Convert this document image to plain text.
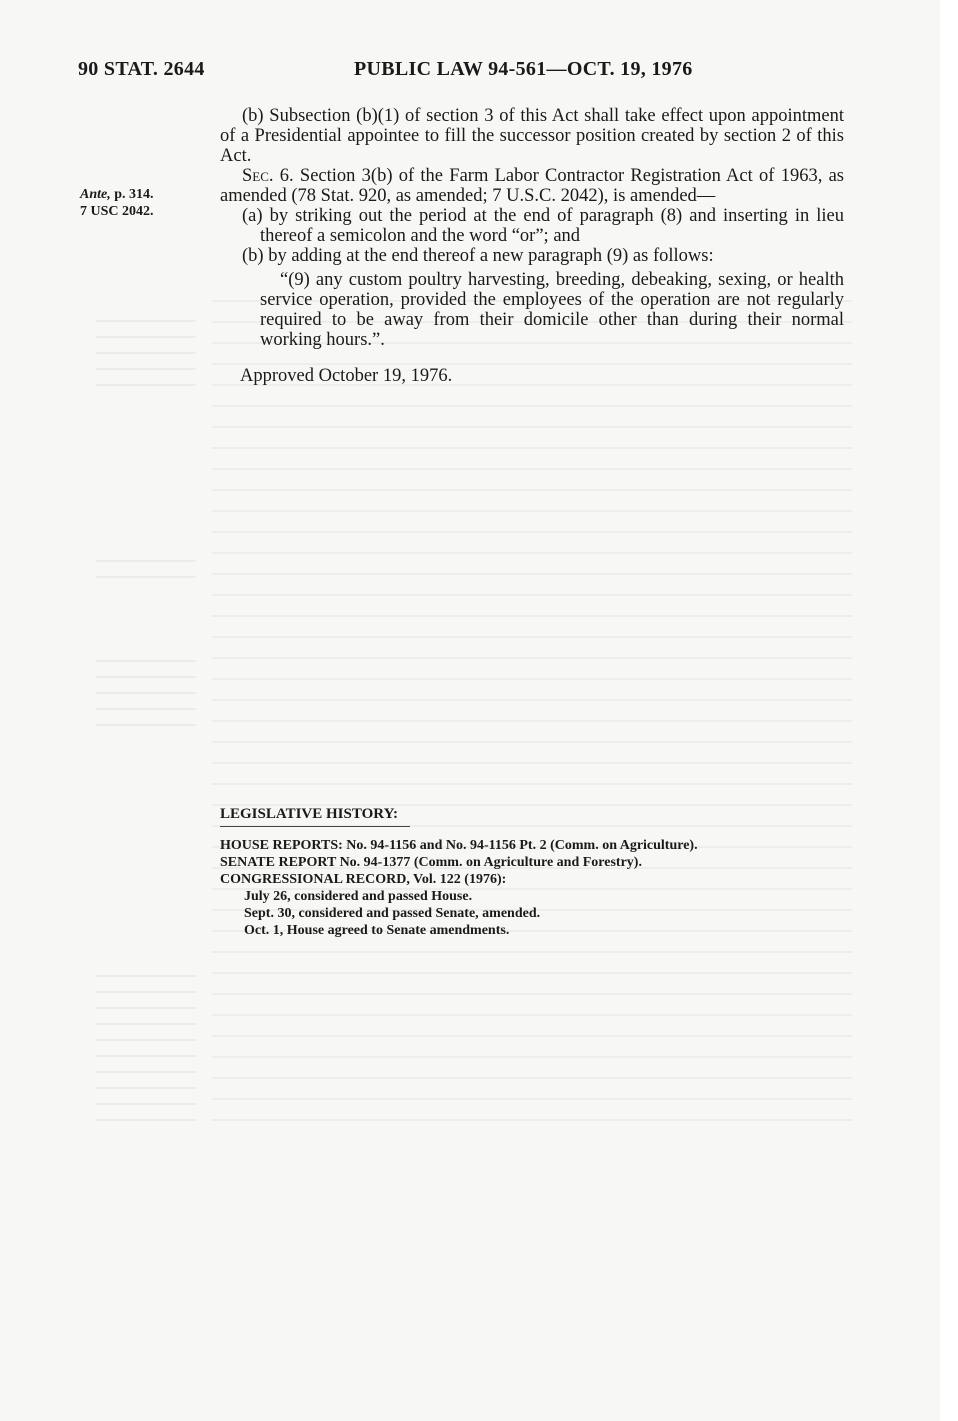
90 STAT. 2644	PUBLIC LAW 94-561—OCT. 19, 1976
Ante, p. 314.
7 USC 2042.

(b) Subsection (b)(1) of section 3 of this Act shall take effect upon appointment of a Presidential appointee to fill the successor position created by section 2 of this Act.

Sec. 6. Section 3(b) of the Farm Labor Contractor Registration Act of 1963, as amended (78 Stat. 920, as amended; 7 U.S.C. 2042), is amended—

(a) by striking out the period at the end of paragraph (8) and inserting in lieu thereof a semicolon and the word “or”; and

(b) by adding at the end thereof a new paragraph (9) as follows:

“(9) any custom poultry harvesting, breeding, debeaking, sexing, or health service operation, provided the employees of the operation are not regularly required to be away from their domicile other than during their normal working hours.”.

Approved October 19, 1976.

LEGISLATIVE HISTORY:
HOUSE REPORTS: No. 94-1156 and No. 94-1156 Pt. 2 (Comm. on Agriculture).
SENATE REPORT No. 94-1377 (Comm. on Agriculture and Forestry).
CONGRESSIONAL RECORD, Vol. 122 (1976):
July 26, considered and passed House.
Sept. 30, considered and passed Senate, amended.
Oct. 1, House agreed to Senate amendments.
